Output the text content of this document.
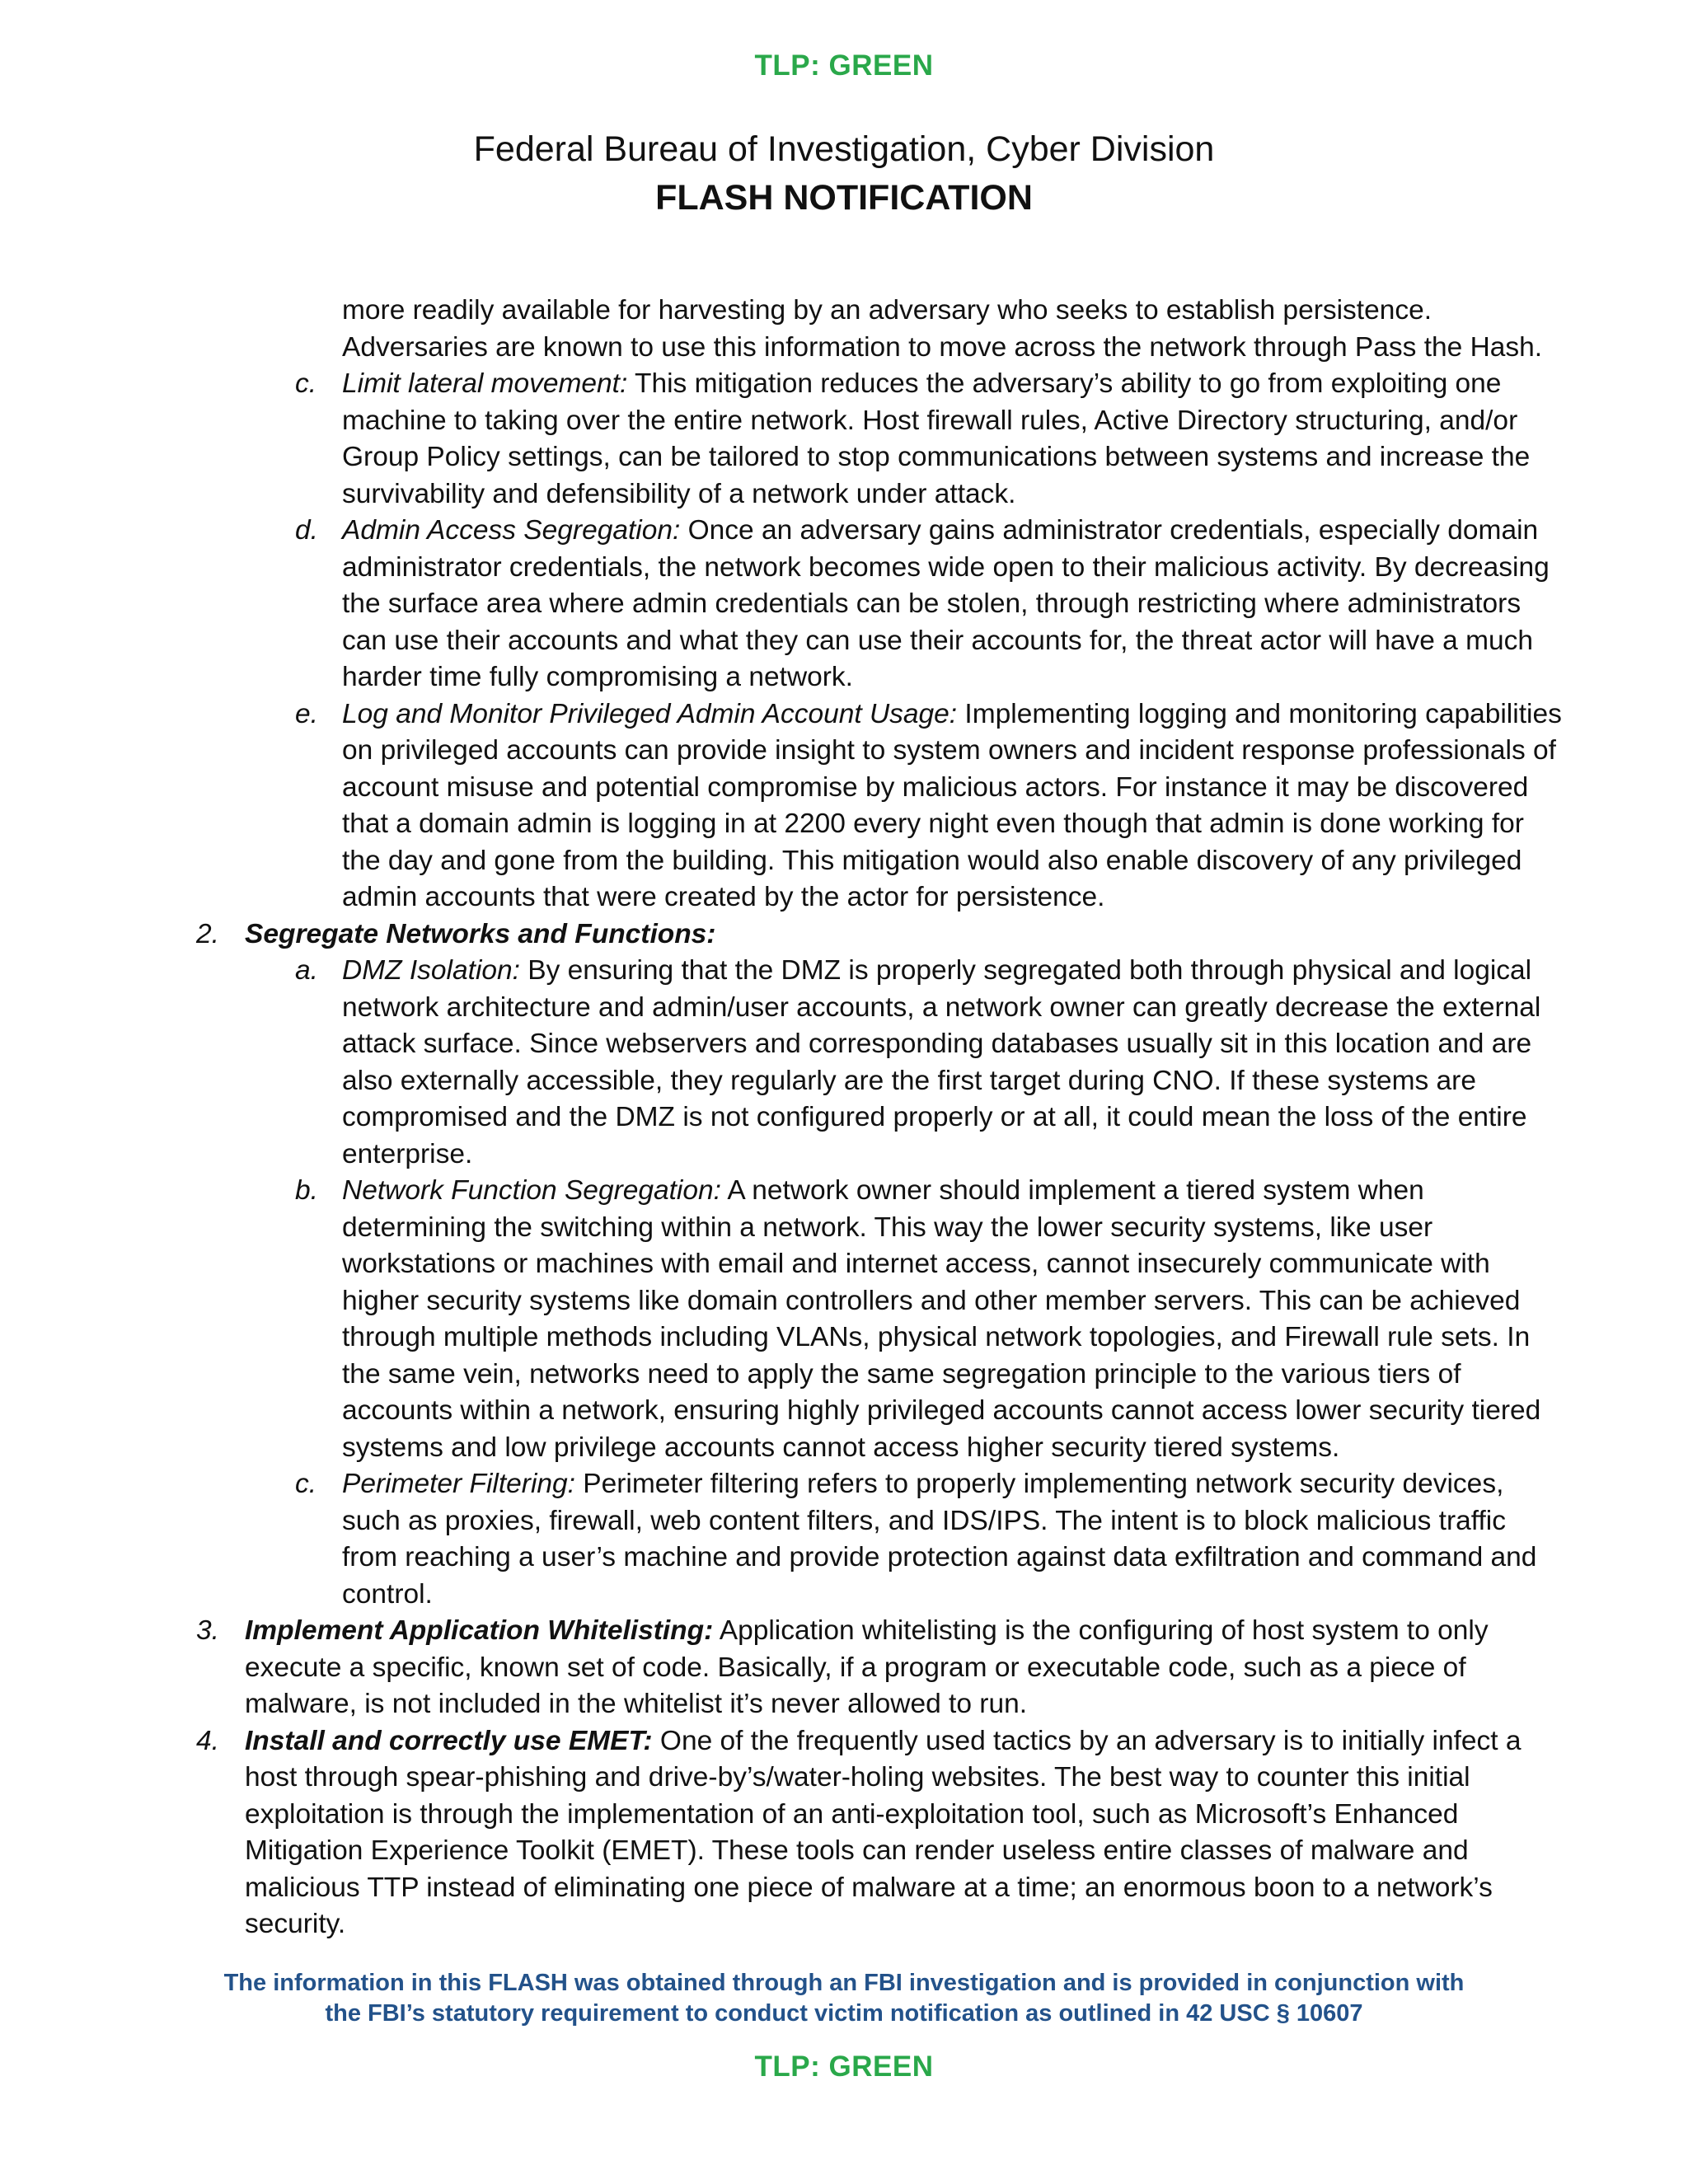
TLP: GREEN
Federal Bureau of Investigation, Cyber Division
FLASH NOTIFICATION
more readily available for harvesting by an adversary who seeks to establish persistence. Adversaries are known to use this information to move across the network through Pass the Hash.
c. Limit lateral movement: This mitigation reduces the adversary’s ability to go from exploiting one machine to taking over the entire network. Host firewall rules, Active Directory structuring, and/or Group Policy settings, can be tailored to stop communications between systems and increase the survivability and defensibility of a network under attack.
d. Admin Access Segregation: Once an adversary gains administrator credentials, especially domain administrator credentials, the network becomes wide open to their malicious activity. By decreasing the surface area where admin credentials can be stolen, through restricting where administrators can use their accounts and what they can use their accounts for, the threat actor will have a much harder time fully compromising a network.
e. Log and Monitor Privileged Admin Account Usage: Implementing logging and monitoring capabilities on privileged accounts can provide insight to system owners and incident response professionals of account misuse and potential compromise by malicious actors. For instance it may be discovered that a domain admin is logging in at 2200 every night even though that admin is done working for the day and gone from the building. This mitigation would also enable discovery of any privileged admin accounts that were created by the actor for persistence.
2. Segregate Networks and Functions:
a. DMZ Isolation: By ensuring that the DMZ is properly segregated both through physical and logical network architecture and admin/user accounts, a network owner can greatly decrease the external attack surface. Since webservers and corresponding databases usually sit in this location and are also externally accessible, they regularly are the first target during CNO. If these systems are compromised and the DMZ is not configured properly or at all, it could mean the loss of the entire enterprise.
b. Network Function Segregation: A network owner should implement a tiered system when determining the switching within a network. This way the lower security systems, like user workstations or machines with email and internet access, cannot insecurely communicate with higher security systems like domain controllers and other member servers. This can be achieved through multiple methods including VLANs, physical network topologies, and Firewall rule sets. In the same vein, networks need to apply the same segregation principle to the various tiers of accounts within a network, ensuring highly privileged accounts cannot access lower security tiered systems and low privilege accounts cannot access higher security tiered systems.
c. Perimeter Filtering: Perimeter filtering refers to properly implementing network security devices, such as proxies, firewall, web content filters, and IDS/IPS. The intent is to block malicious traffic from reaching a user’s machine and provide protection against data exfiltration and command and control.
3. Implement Application Whitelisting: Application whitelisting is the configuring of host system to only execute a specific, known set of code. Basically, if a program or executable code, such as a piece of malware, is not included in the whitelist it’s never allowed to run.
4. Install and correctly use EMET: One of the frequently used tactics by an adversary is to initially infect a host through spear-phishing and drive-by’s/water-holing websites. The best way to counter this initial exploitation is through the implementation of an anti-exploitation tool, such as Microsoft’s Enhanced Mitigation Experience Toolkit (EMET). These tools can render useless entire classes of malware and malicious TTP instead of eliminating one piece of malware at a time; an enormous boon to a network’s security.
The information in this FLASH was obtained through an FBI investigation and is provided in conjunction with
the FBI’s statutory requirement to conduct victim notification as outlined in 42 USC § 10607
TLP: GREEN
